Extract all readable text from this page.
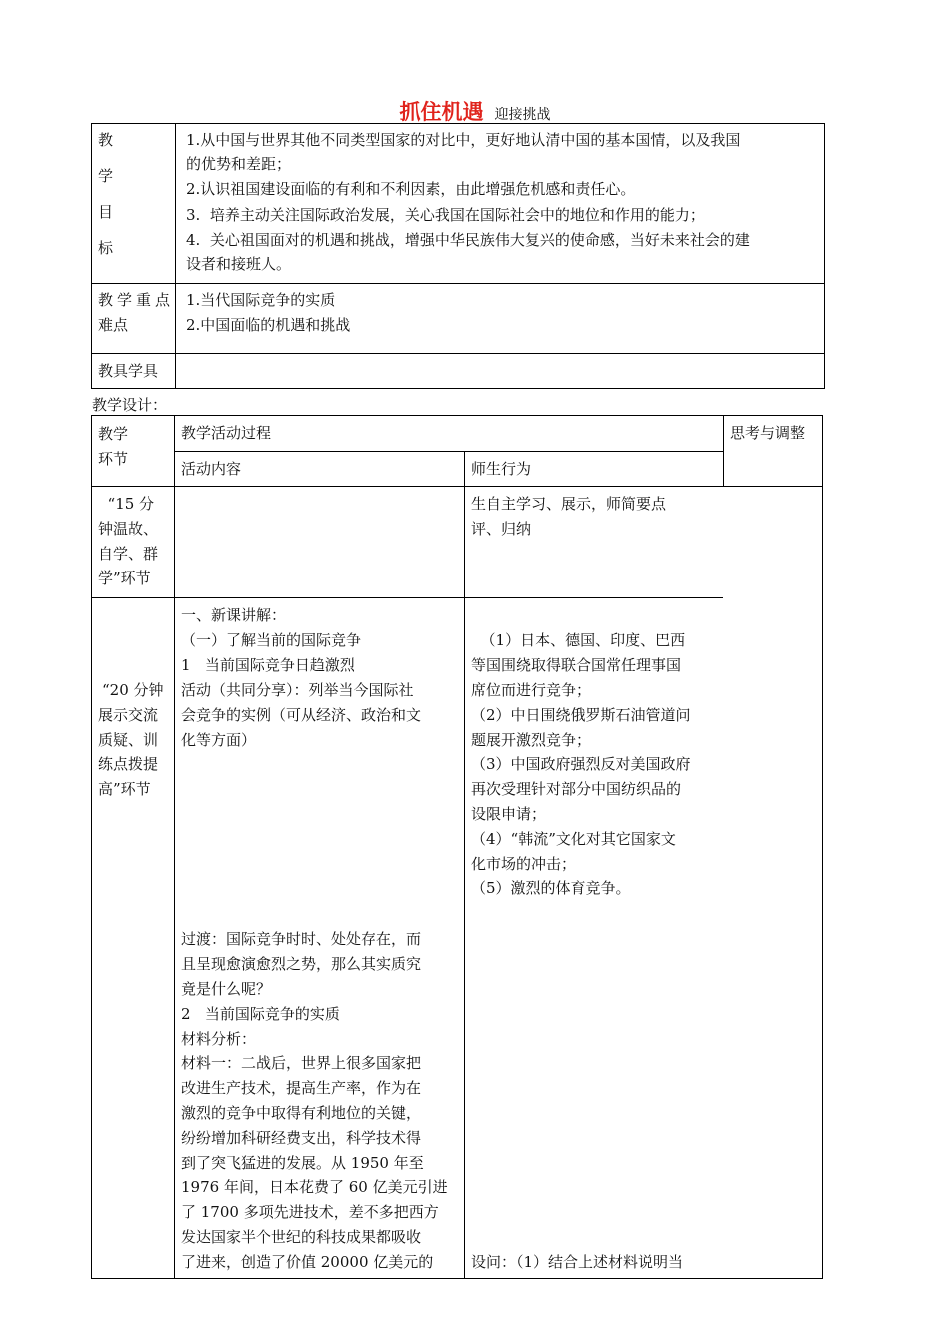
抓住机遇 迎接挑战
教
学
目
标
1.从中国与世界其他不同类型国家的对比中，更好地认清中国的基本国情，以及我国
的优势和差距；
2.认识祖国建设面临的有利和不利因素，由此增强危机感和责任心。
3.  培养主动关注国际政治发展，关心我国在国际社会中的地位和作用的能力；
4.  关心祖国面对的机遇和挑战，增强中华民族伟大复兴的使命感，当好未来社会的建
设者和接班人。
教学重点
难点
1.当代国际竞争的实质
2.中国面临的机遇和挑战
教具学具
教学设计：
教学
环节
教学活动过程	思考与调整
活动内容	师生行为
“15 分
钟温故、
自学、群
学”环节
生自主学习、展示，师简要点
评、归纳
“20 分钟
展示交流
质疑、训
练点拨提
高”环节
一、新课讲解：
（一）了解当前的国际竞争
1   当前国际竞争日趋激烈
活动（共同分享）：列举当今国际社
会竞争的实例（可从经济、政治和文
化等方面）
过渡：国际竞争时时、处处存在，而
且呈现愈演愈烈之势，那么其实质究
竟是什么呢？
2   当前国际竞争的实质
材料分析：
材料一：二战后，世界上很多国家把
改进生产技术，提高生产率，作为在
激烈的竞争中取得有利地位的关键，
纷纷增加科研经费支出，科学技术得
到了突飞猛进的发展。从 1950 年至
1976 年间，日本花费了 60 亿美元引进
了 1700 多项先进技术，差不多把西方
发达国家半个世纪的科技成果都吸收
了进来，创造了价值 20000 亿美元的
（1）日本、德国、印度、巴西
等国围绕取得联合国常任理事国
席位而进行竞争；
（2）中日围绕俄罗斯石油管道问
题展开激烈竞争；
（3）中国政府强烈反对美国政府
再次受理针对部分中国纺织品的
设限申请；
（4）“韩流”文化对其它国家文
化市场的冲击；
（5）激烈的体育竞争。
设问：（1）结合上述材料说明当
